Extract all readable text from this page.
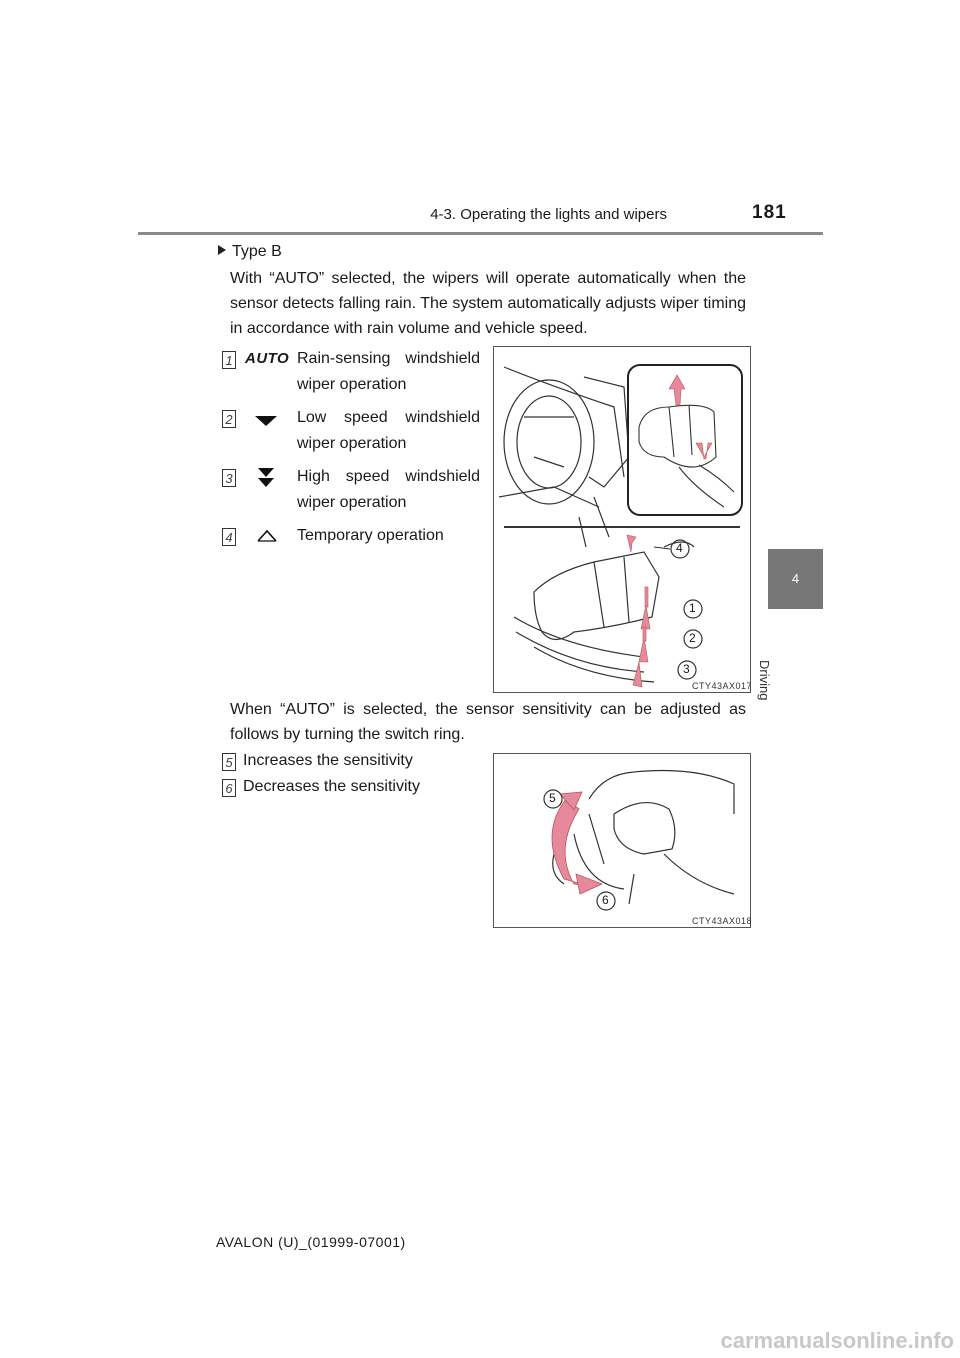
4-3. Operating the lights and wipers	181
4
Driving
Type B
With “AUTO” selected, the wipers will operate automatically when the sensor detects falling rain. The system automatically adjusts wiper timing in accordance with rain volume and vehicle speed.
1 AUTO Rain-sensing windshield
wiper operation
2	Low speed windshield
wiper operation
3	High speed windshield
wiper operation
4	Temporary operation
4
1
2
3
CTY43AX017
When “AUTO” is selected, the sensor sensitivity can be adjusted as follows by turning the switch ring.
5 Increases the sensitivity
6 Decreases the sensitivity
5
6
CTY43AX018
AVALON (U)_(01999-07001)
carmanualsonline.info
